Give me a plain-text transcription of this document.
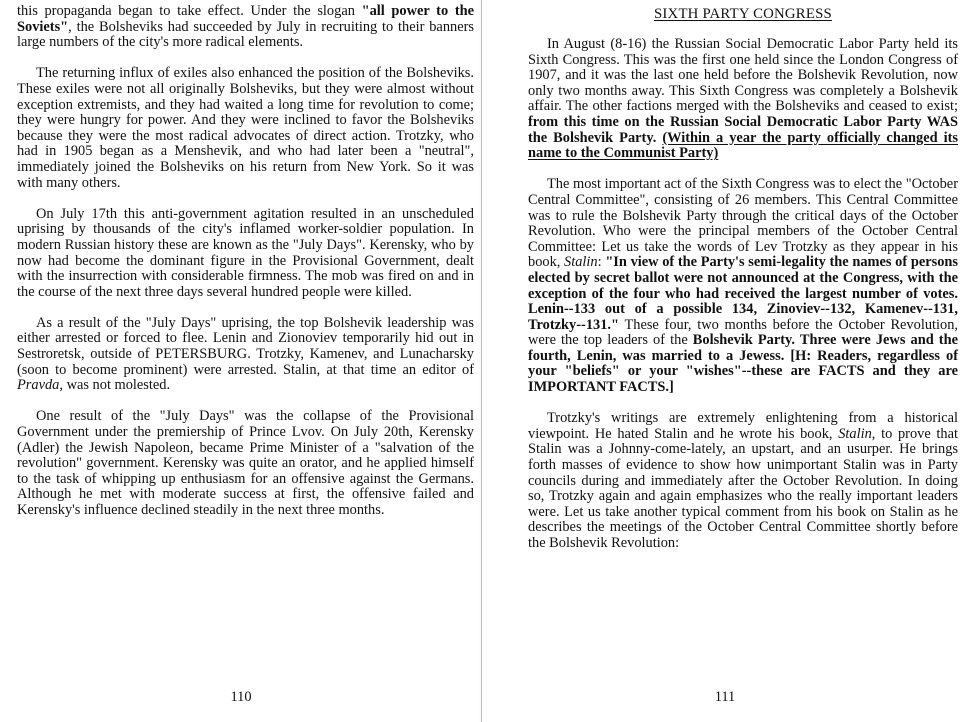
this propaganda began to take effect. Under the slogan "all power to the Soviets", the Bolsheviks had succeeded by July in recruiting to their banners large numbers of the city's more radical elements.

The returning influx of exiles also enhanced the position of the Bolsheviks. These exiles were not all originally Bolsheviks, but they were almost without exception extremists, and they had waited a long time for revolution to come; they were hungry for power. And they were inclined to favor the Bolsheviks because they were the most radical advocates of direct action. Trotzky, who had in 1905 began as a Menshevik, and who had later been a "neutral", immediately joined the Bolsheviks on his return from New York. So it was with many others.

On July 17th this anti-government agitation resulted in an unscheduled uprising by thousands of the city's inflamed worker-soldier population. In modern Russian history these are known as the "July Days". Kerensky, who by now had become the dominant figure in the Provisional Government, dealt with the insurrection with considerable firmness. The mob was fired on and in the course of the next three days several hundred people were killed.

As a result of the "July Days" uprising, the top Bolshevik leadership was either arrested or forced to flee. Lenin and Zionoviev temporarily hid out in Sestroretsk, outside of PETERSBURG. Trotzky, Kamenev, and Lunacharsky (soon to become prominent) were arrested. Stalin, at that time an editor of Pravda, was not molested.

One result of the "July Days" was the collapse of the Provisional Government under the premiership of Prince Lvov. On July 20th, Kerensky (Adler) the Jewish Napoleon, became Prime Minister of a "salvation of the revolution" government. Kerensky was quite an orator, and he applied himself to the task of whipping up enthusiasm for an offensive against the Germans. Although he met with moderate success at first, the offensive failed and Kerensky's influence declined steadily in the next three months.

110
SIXTH PARTY CONGRESS

In August (8-16) the Russian Social Democratic Labor Party held its Sixth Congress. This was the first one held since the London Congress of 1907, and it was the last one held before the Bolshevik Revolution, now only two months away. This Sixth Congress was completely a Bolshevik affair. The other factions merged with the Bolsheviks and ceased to exist; from this time on the Russian Social Democratic Labor Party WAS the Bolshevik Party. (Within a year the party officially changed its name to the Communist Party)

The most important act of the Sixth Congress was to elect the "October Central Committee", consisting of 26 members. This Central Committee was to rule the Bolshevik Party through the critical days of the October Revolution. Who were the principal members of the October Central Committee: Let us take the words of Lev Trotzky as they appear in his book, Stalin: "In view of the Party's semi-legality the names of persons elected by secret ballot were not announced at the Congress, with the exception of the four who had received the largest number of votes. Lenin--133 out of a possible 134, Zinoviev--132, Kamenev--131, Trotzky--131." These four, two months before the October Revolution, were the top leaders of the Bolshevik Party. Three were Jews and the fourth, Lenin, was married to a Jewess. [H: Readers, regardless of your "beliefs" or your "wishes"--these are FACTS and they are IMPORTANT FACTS.]

Trotzky's writings are extremely enlightening from a historical viewpoint. He hated Stalin and he wrote his book, Stalin, to prove that Stalin was a Johnny-come-lately, an upstart, and an usurper. He brings forth masses of evidence to show how unimportant Stalin was in Party councils during and immediately after the October Revolution. In doing so, Trotzky again and again emphasizes who the really important leaders were. Let us take another typical comment from his book on Stalin as he describes the meetings of the October Central Committee shortly before the Bolshevik Revolution:

111
